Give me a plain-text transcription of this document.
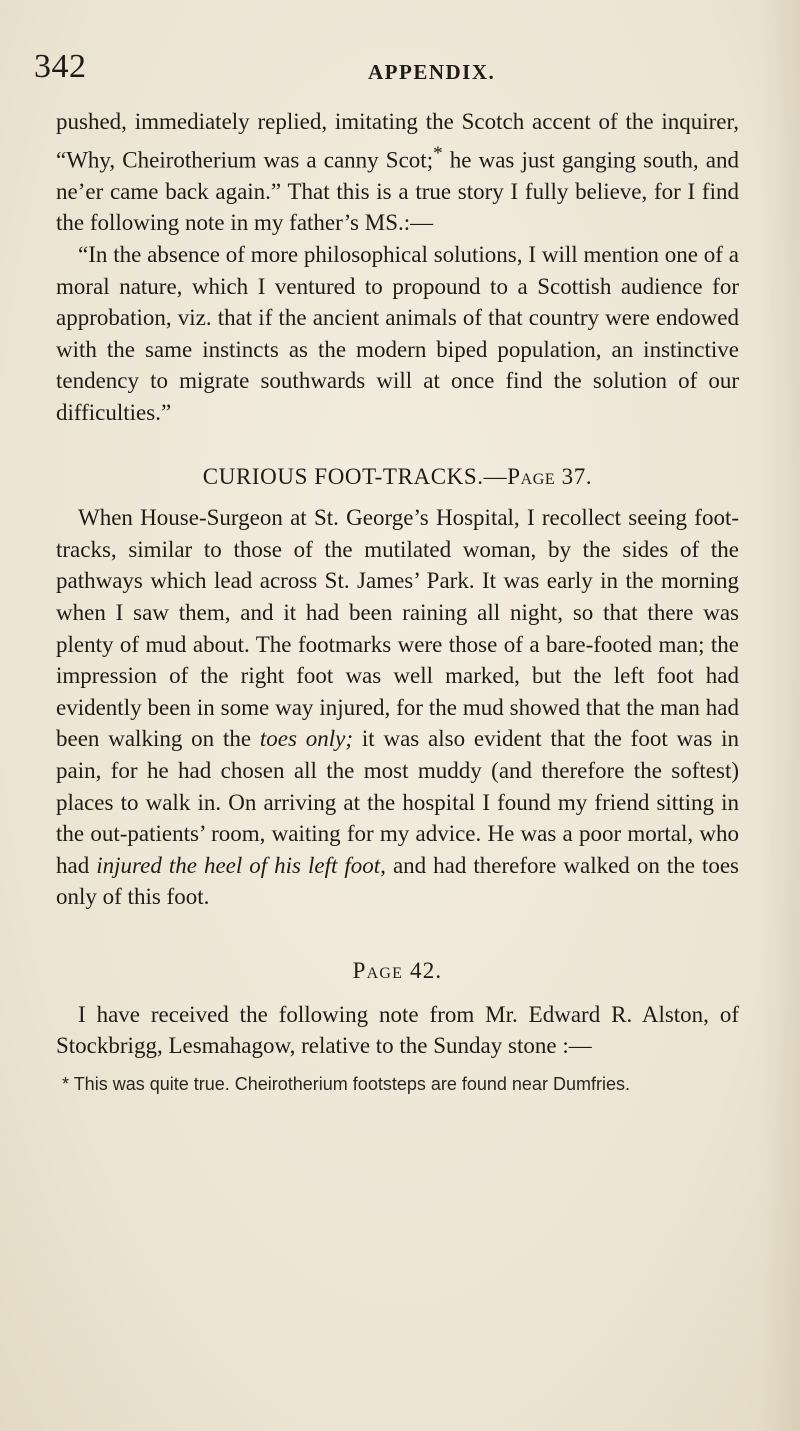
342	APPENDIX.

pushed, immediately replied, imitating the Scotch accent of the inquirer, “Why, Cheirotherium was a canny Scot;* he was just ganging south, and ne’er came back again.” That this is a true story I fully believe, for I find the following note in my father’s MS.:—

“In the absence of more philosophical solutions, I will mention one of a moral nature, which I ventured to propound to a Scottish audience for approbation, viz. that if the ancient animals of that country were endowed with the same instincts as the modern biped population, an instinctive tendency to migrate southwards will at once find the solution of our difficulties.”

CURIOUS FOOT-TRACKS.—Page 37.

When House-Surgeon at St. George’s Hospital, I recollect seeing foot-tracks, similar to those of the mutilated woman, by the sides of the pathways which lead across St. James’ Park. It was early in the morning when I saw them, and it had been raining all night, so that there was plenty of mud about. The footmarks were those of a bare-footed man; the impression of the right foot was well marked, but the left foot had evidently been in some way injured, for the mud showed that the man had been walking on the toes only; it was also evident that the foot was in pain, for he had chosen all the most muddy (and therefore the softest) places to walk in. On arriving at the hospital I found my friend sitting in the out-patients’ room, waiting for my advice. He was a poor mortal, who had injured the heel of his left foot, and had therefore walked on the toes only of this foot.

Page 42.

I have received the following note from Mr. Edward R. Alston, of Stockbrigg, Lesmahagow, relative to the Sunday stone :—

* This was quite true. Cheirotherium footsteps are found near Dumfries.
